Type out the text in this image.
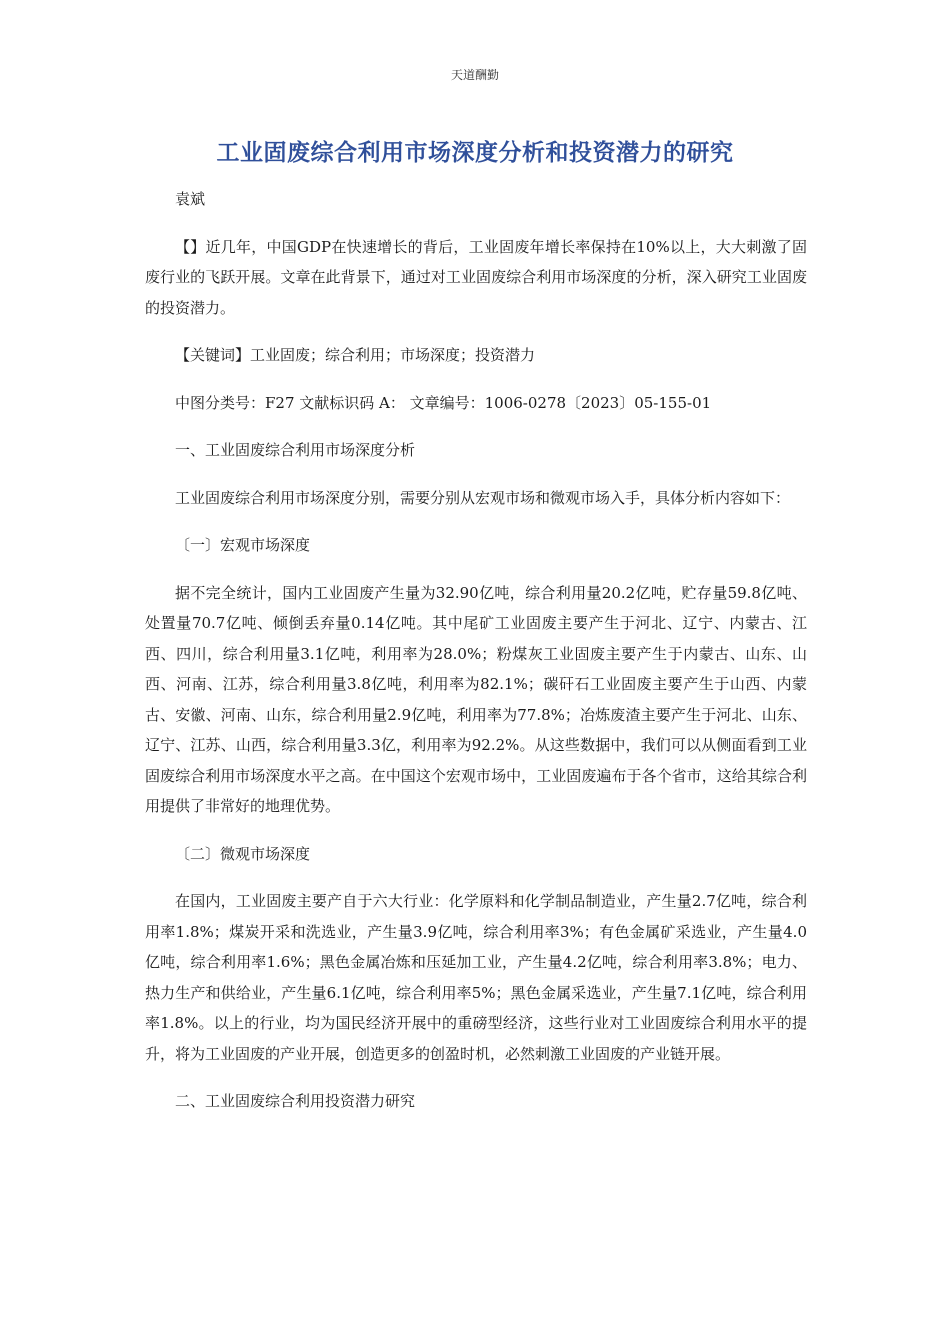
天道酬勤
工业固废综合利用市场深度分析和投资潜力的研究

袁斌

【】近几年，中国GDP在快速增长的背后，工业固废年增长率保持在10%以上，大大刺激了固废行业的飞跃开展。文章在此背景下，通过对工业固废综合利用市场深度的分析，深入研究工业固废的投资潜力。

【关键词】工业固废；综合利用；市场深度；投资潜力

中图分类号：F27 文献标识码 A： 文章编号：1006-0278〔2023〕05-155-01

一、工业固废综合利用市场深度分析

工业固废综合利用市场深度分别，需要分别从宏观市场和微观市场入手，具体分析内容如下：

〔一〕宏观市场深度

据不完全统计，国内工业固废产生量为32.90亿吨，综合利用量20.2亿吨，贮存量59.8亿吨、处置量70.7亿吨、倾倒丢弃量0.14亿吨。其中尾矿工业固废主要产生于河北、辽宁、内蒙古、江西、四川，综合利用量3.1亿吨，利用率为28.0%；粉煤灰工业固废主要产生于内蒙古、山东、山西、河南、江苏，综合利用量3.8亿吨，利用率为82.1%；碳矸石工业固废主要产生于山西、内蒙古、安徽、河南、山东，综合利用量2.9亿吨，利用率为77.8%；冶炼废渣主要产生于河北、山东、辽宁、江苏、山西，综合利用量3.3亿，利用率为92.2%。从这些数据中，我们可以从侧面看到工业固废综合利用市场深度水平之高。在中国这个宏观市场中，工业固废遍布于各个省市，这给其综合利用提供了非常好的地理优势。

〔二〕微观市场深度

在国内，工业固废主要产自于六大行业：化学原料和化学制品制造业，产生量2.7亿吨，综合利用率1.8%；煤炭开采和洗选业，产生量3.9亿吨，综合利用率3%；有色金属矿采选业，产生量4.0亿吨，综合利用率1.6%；黑色金属冶炼和压延加工业，产生量4.2亿吨，综合利用率3.8%；电力、热力生产和供给业，产生量6.1亿吨，综合利用率5%；黑色金属采选业，产生量7.1亿吨，综合利用率1.8%。以上的行业，均为国民经济开展中的重磅型经济，这些行业对工业固废综合利用水平的提升，将为工业固废的产业开展，创造更多的创盈时机，必然刺激工业固废的产业链开展。

二、工业固废综合利用投资潜力研究
